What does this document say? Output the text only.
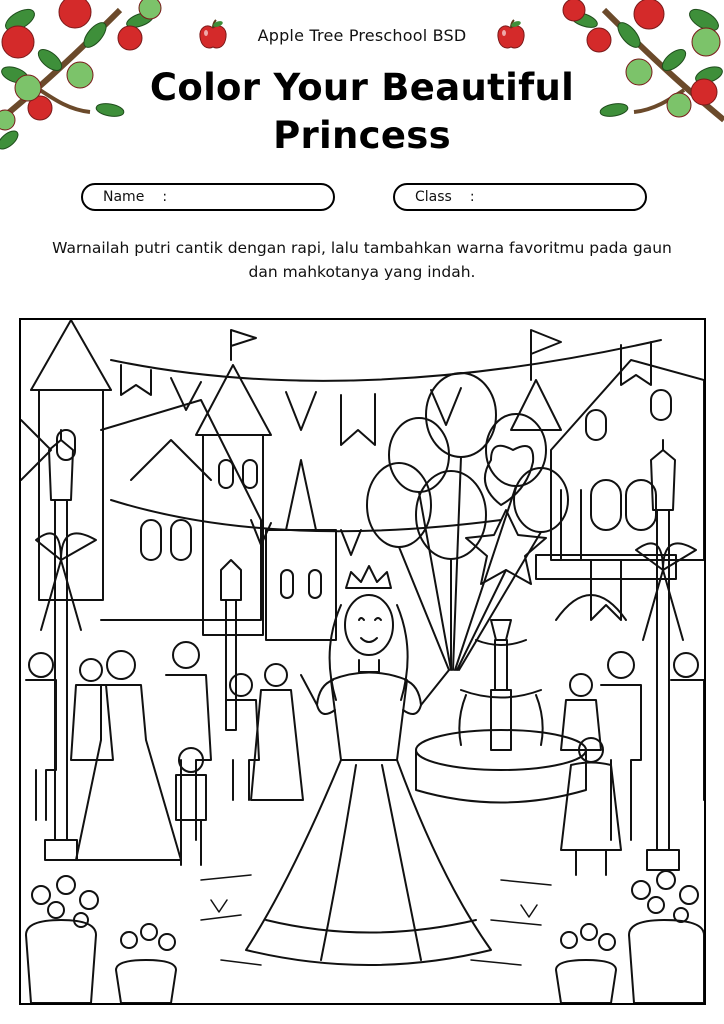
Apple Tree Preschool BSD
Color Your Beautiful Princess
Name :	Class :
Warnailah putri cantik dengan rapi, lalu tambahkan warna favoritmu pada gaun dan mahkotanya yang indah.
